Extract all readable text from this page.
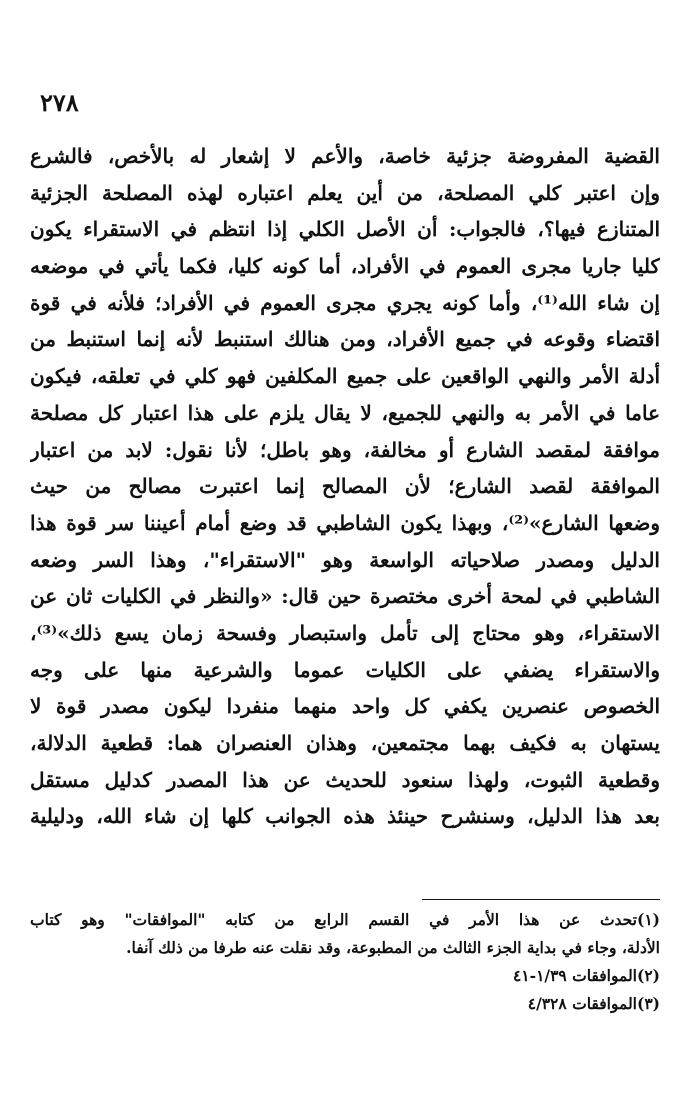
٢٧٨
القضية المفروضة جزئية خاصة، والأعم لا إشعار له بالأخص، فالشرع
وإن اعتبر كلي المصلحة، من أين يعلم اعتباره لهذه المصلحة الجزئية
المتنازع فيها؟، فالجواب: أن الأصل الكلي إذا انتظم في الاستقراء يكون
كليا جاريا مجرى العموم في الأفراد، أما كونه كليا، فكما يأتي في موضعه
إن شاء الله⁽¹⁾، وأما كونه يجري مجرى العموم في الأفراد؛ فلأنه في قوة
اقتضاء وقوعه في جميع الأفراد، ومن هنالك استنبط لأنه إنما استنبط من
أدلة الأمر والنهي الواقعين على جميع المكلفين فهو كلي في تعلقه، فيكون
عاما في الأمر به والنهي للجميع، لا يقال يلزم على هذا اعتبار كل مصلحة
موافقة لمقصد الشارع أو مخالفة، وهو باطل؛ لأنا نقول: لابد من اعتبار
الموافقة لقصد الشارع؛ لأن المصالح إنما اعتبرت مصالح من حيث
وضعها الشارع»⁽²⁾، وبهذا يكون الشاطبي قد وضع أمام أعيننا سر قوة هذا
الدليل ومصدر صلاحياته الواسعة وهو "الاستقراء"، وهذا السر وضعه
الشاطبي في لمحة أخرى مختصرة حين قال: «والنظر في الكليات ثان عن
الاستقراء، وهو محتاج إلى تأمل واستبصار وفسحة زمان يسع ذلك»⁽³⁾،
والاستقراء يضفي على الكليات عموما والشرعية منها على وجه
الخصوص عنصرين يكفي كل واحد منهما منفردا ليكون مصدر قوة لا
يستهان به فكيف بهما مجتمعين، وهذان العنصران هما: قطعية الدلالة،
وقطعية الثبوت، ولهذا سنعود للحديث عن هذا المصدر كدليل مستقل
بعد هذا الدليل، وسنشرح حينئذ هذه الجوانب كلها إن شاء الله، ودليلية
(١)تحدث عن هذا الأمر في القسم الرابع من كتابه "الموافقات" وهو كتاب
الأدلة، وجاء في بداية الجزء الثالث من المطبوعة، وقد نقلت عنه طرفا من ذلك آنفا.
(٢)الموافقات ١/٣٩-٤١
(٣)الموافقات ٤/٣٢٨
